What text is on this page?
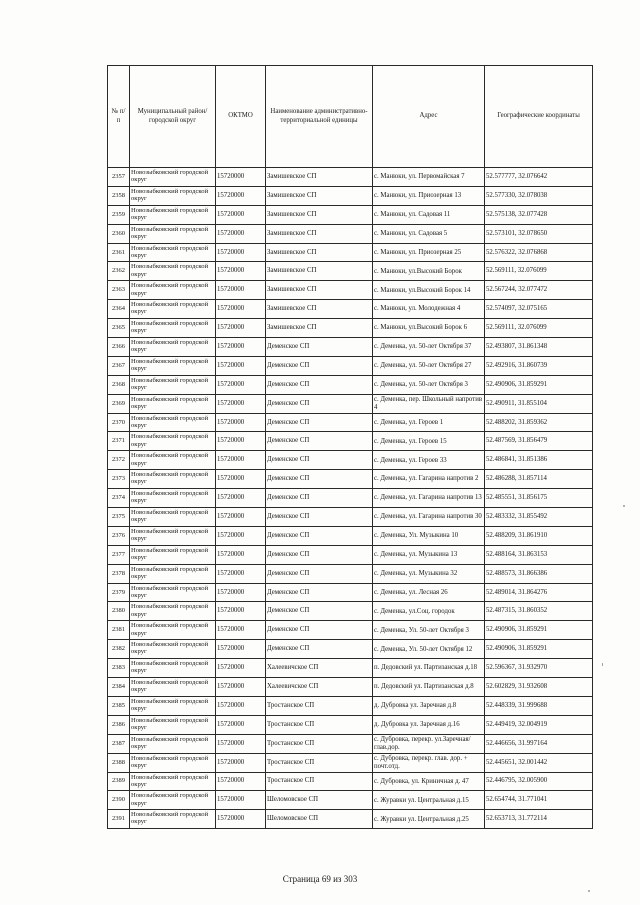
№ п/п	Муниципальный район/городской округ	ОКТМО	Наименование административно-территориальной единицы	Адрес	Географические координаты
2357	Новозыбковский городской округ	15720000	Замишевское СП	с. Манюки, ул. Первомайская 7	52.577777, 32.076642
2358	Новозыбковский городской округ	15720000	Замишевское СП	с. Манюки, ул. Приозерная 13	52.577330, 32.078038
2359	Новозыбковский городской округ	15720000	Замишевское СП	с. Манюки, ул. Садовая 11	52.575138, 32.077428
2360	Новозыбковский городской округ	15720000	Замишевское СП	с. Манюки, ул. Садовая 5	52.573101, 32.078650
2361	Новозыбковский городской округ	15720000	Замишевское СП	с. Манюки, ул. Приозерная 25	52.576322, 32.076868
2362	Новозыбковский городской округ	15720000	Замишевское СП	с. Манюки, ул.Высокий Борок	52.569111, 32.076099
2363	Новозыбковский городской округ	15720000	Замишевское СП	с. Манюки, ул.Высокий Борок 14	52.567244, 32.077472
2364	Новозыбковский городской округ	15720000	Замишевское СП	с. Манюки, ул. Молодежная 4	52.574097, 32.075165
2365	Новозыбковский городской округ	15720000	Замишевское СП	с. Манюки, ул.Высокий Борок 6	52.569111, 32.076099
2366	Новозыбковский городской округ	15720000	Деменское СП	с. Деменка, ул. 50-лет Октября 37	52.493807, 31.861348
2367	Новозыбковский городской округ	15720000	Деменское СП	с. Деменка, ул. 50-лет Октября 27	52.492916, 31.860739
2368	Новозыбковский городской округ	15720000	Деменское СП	с. Деменка, ул. 50-лет Октября 3	52.490906, 31.859291
2369	Новозыбковский городской округ	15720000	Деменское СП	с. Деменка, пер. Школьный напротив 4	52.490911, 31.855104
2370	Новозыбковский городской округ	15720000	Деменское СП	с. Деменка, ул. Героев 1	52.488202, 31.859362
2371	Новозыбковский городской округ	15720000	Деменское СП	с. Деменка, ул. Героев 15	52.487569, 31.856479
2372	Новозыбковский городской округ	15720000	Деменское СП	с. Деменка, ул. Героев 33	52.486841, 31.851386
2373	Новозыбковский городской округ	15720000	Деменское СП	с. Деменка, ул. Гагарина напротив 2	52.486288, 31.857114
2374	Новозыбковский городской округ	15720000	Деменское СП	с. Деменка, ул. Гагарина напротив 13	52.485551, 31.856175
2375	Новозыбковский городской округ	15720000	Деменское СП	с. Деменка, ул. Гагарина напротив 30	52.483332, 31.855492
2376	Новозыбковский городской округ	15720000	Деменское СП	с. Деменка, Ул. Музыкина 10	52.488209, 31.861910
2377	Новозыбковский городской округ	15720000	Деменское СП	с. Деменка, ул. Музыкина 13	52.488164, 31.863153
2378	Новозыбковский городской округ	15720000	Деменское СП	с. Деменка, ул. Музыкина 32	52.488573, 31.866386
2379	Новозыбковский городской округ	15720000	Деменское СП	с. Деменка, ул. Лесная 26	52.489014, 31.864276
2380	Новозыбковский городской округ	15720000	Деменское СП	с. Деменка, ул.Соц. городок	52.487315, 31.860352
2381	Новозыбковский городской округ	15720000	Деменское СП	с. Деменка, Ул. 50-лет Октября 3	52.490906, 31.859291
2382	Новозыбковский городской округ	15720000	Деменское СП	с. Деменка, Ул. 50-лет Октября 12	52.490906, 31.859291
2383	Новозыбковский городской округ	15720000	Халеевичское СП	п. Дедовский ул. Партизанская д.18	52.596367, 31.932970
2384	Новозыбковский городской округ	15720000	Халеевичское СП	п. Дедовский ул. Партизанская д.8	52.602829, 31.932608
2385	Новозыбковский городской округ	15720000	Тростанское СП	д. Дубровка ул. Заречная д.8	52.448339, 31.999688
2386	Новозыбковский городской округ	15720000	Тростанское СП	д. Дубровка ул. Заречная д.16	52.449419, 32.004919
2387	Новозыбковский городской округ	15720000	Тростанское СП	с. Дубровка, перекр. ул.Заречная/глав.дор.	52.446656, 31.997164
2388	Новозыбковский городской округ	15720000	Тростанское СП	с. Дубровка, перекр. глав. дор. + почт.отд.	52.445651, 32.001442
2389	Новозыбковский городской округ	15720000	Тростанское СП	с. Дубровка, ул. Криничная д. 47	52.446795, 32.005900
2390	Новозыбковский городской округ	15720000	Шеломовское СП	с. Журавки ул. Центральная д.15	52.654744, 31.771041
2391	Новозыбковский городской округ	15720000	Шеломовское СП	с. Журавки ул. Центральная д.25	52.653713, 31.772114
Страница 69 из 303
